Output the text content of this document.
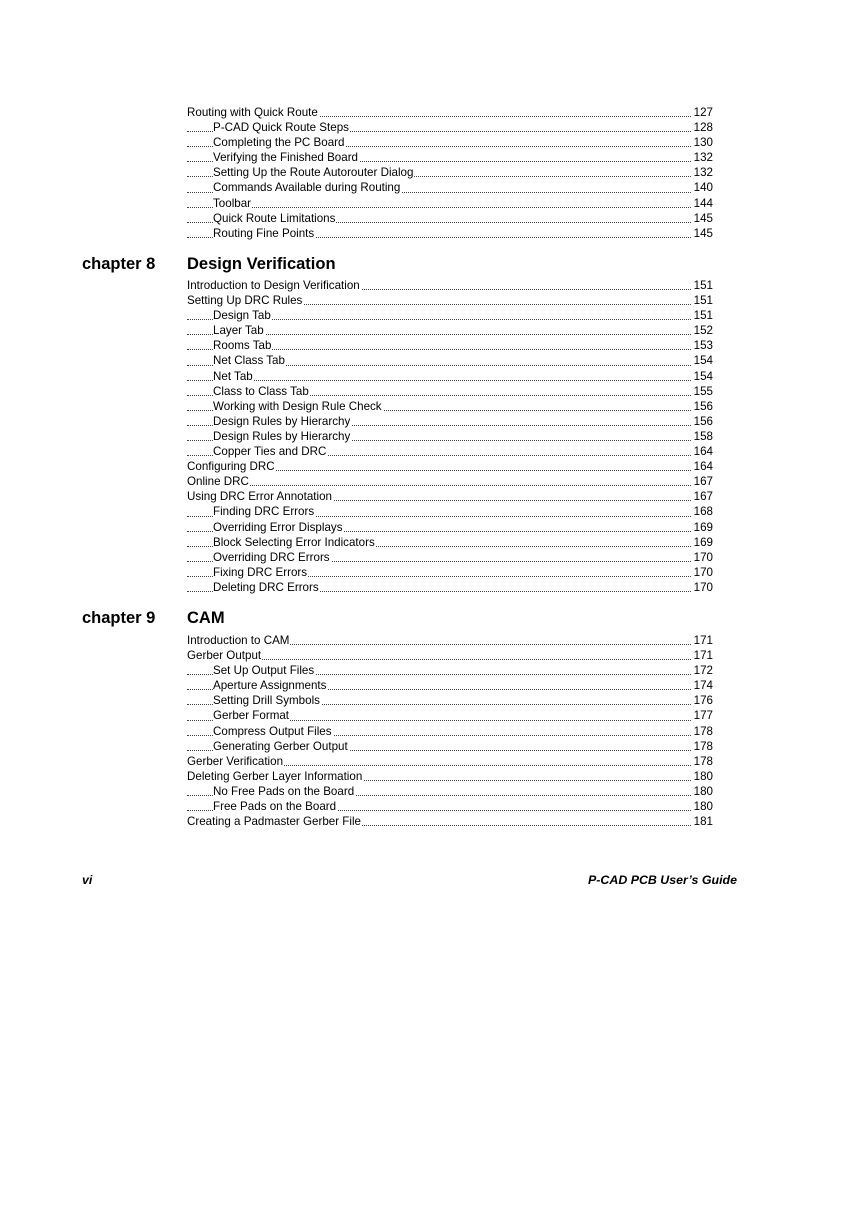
Routing with Quick Route	127
P-CAD Quick Route Steps	128
Completing the PC Board	130
Verifying the Finished Board	132
Setting Up the Route Autorouter Dialog	132
Commands Available during Routing	140
Toolbar	144
Quick Route Limitations	145
Routing Fine Points	145
chapter 8 Design Verification
Introduction to Design Verification	151
Setting Up DRC Rules	151
Design Tab	151
Layer Tab	152
Rooms Tab	153
Net Class Tab	154
Net Tab	154
Class to Class Tab	155
Working with Design Rule Check	156
Design Rules by Hierarchy	156
Design Rules by Hierarchy	158
Copper Ties and DRC	164
Configuring DRC	164
Online DRC	167
Using DRC Error Annotation	167
Finding DRC Errors	168
Overriding Error Displays	169
Block Selecting Error Indicators	169
Overriding DRC Errors	170
Fixing DRC Errors	170
Deleting DRC Errors	170
chapter 9 CAM
Introduction to CAM	171
Gerber Output	171
Set Up Output Files	172
Aperture Assignments	174
Setting Drill Symbols	176
Gerber Format	177
Compress Output Files	178
Generating Gerber Output	178
Gerber Verification	178
Deleting Gerber Layer Information	180
No Free Pads on the Board	180
Free Pads on the Board	180
Creating a Padmaster Gerber File	181
vi	P-CAD PCB User’s Guide
